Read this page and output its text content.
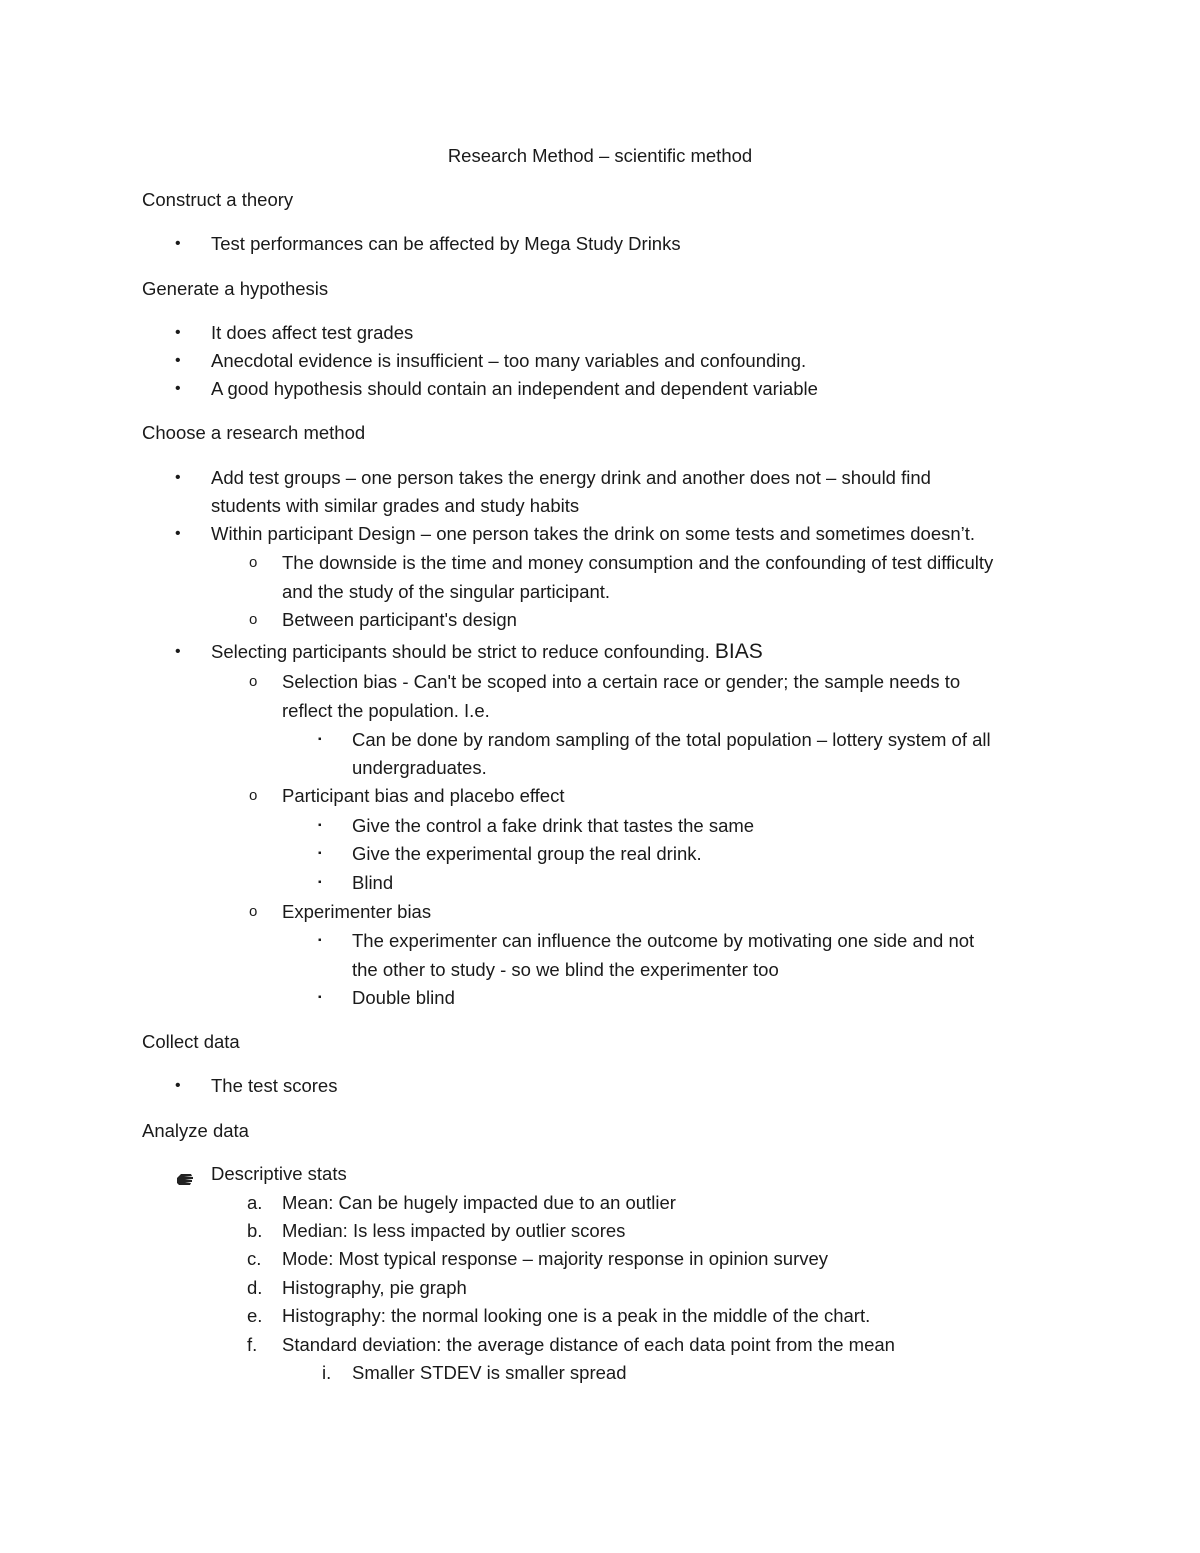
Research Method – scientific method
Construct a theory
• Test performances can be affected by Mega Study Drinks
Generate a hypothesis
• It does affect test grades
• Anecdotal evidence is insufficient – too many variables and confounding.
• A good hypothesis should contain an independent and dependent variable
Choose a research method
• Add test groups – one person takes the energy drink and another does not – should find
students with similar grades and study habits
• Within participant Design – one person takes the drink on some tests and sometimes doesn’t.
o The downside is the time and money consumption and the confounding of test difficulty
and the study of the singular participant.
o Between participant's design
• Selecting participants should be strict to reduce confounding. BIAS
o Selection bias - Can't be scoped into a certain race or gender; the sample needs to
reflect the population. I.e.
▪ Can be done by random sampling of the total population – lottery system of all
undergraduates.
o Participant bias and placebo effect
▪ Give the control a fake drink that tastes the same
▪ Give the experimental group the real drink.
▪ Blind
o Experimenter bias
▪ The experimenter can influence the outcome by motivating one side and not
the other to study - so we blind the experimenter too
▪ Double blind
Collect data
• The test scores
Analyze data
Descriptive stats
a. Mean: Can be hugely impacted due to an outlier
b. Median: Is less impacted by outlier scores
c. Mode: Most typical response – majority response in opinion survey
d. Histography, pie graph
e. Histography: the normal looking one is a peak in the middle of the chart.
f. Standard deviation: the average distance of each data point from the mean
i. Smaller STDEV is smaller spread
